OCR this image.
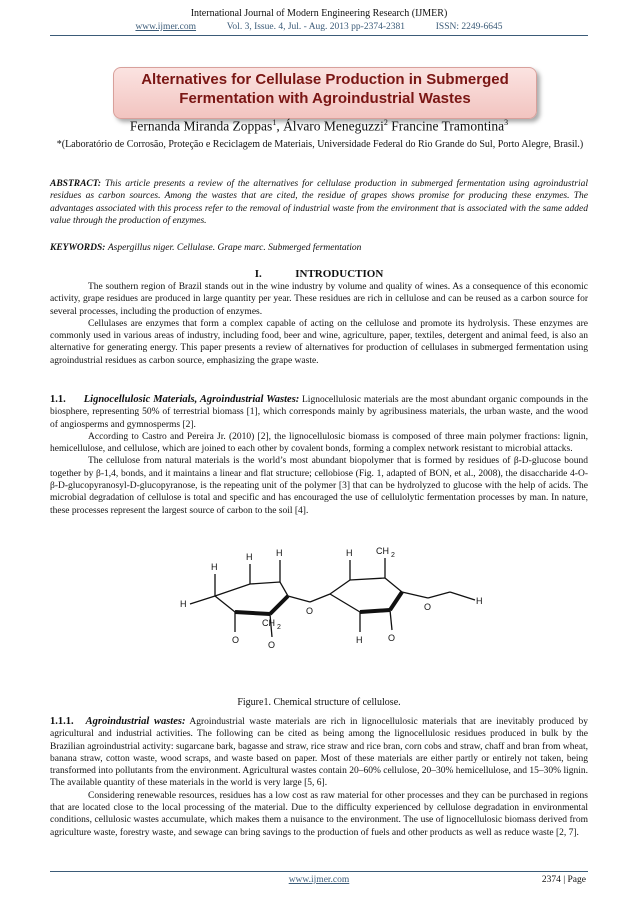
International Journal of Modern Engineering Research (IJMER)
www.ijmer.com	Vol. 3, Issue. 4, Jul. - Aug. 2013 pp-2374-2381	ISSN: 2249-6645
Alternatives for Cellulase Production in Submerged
Fermentation with Agroindustrial Wastes
Fernanda Miranda Zoppas$^1$, Álvaro Meneguzzi$^2$ Francine Tramontina$^3$
*(Laboratório de Corrosão, Proteção e Reciclagem de Materiais, Universidade Federal do Rio Grande do Sul, Porto Alegre, Brasil.)
ABSTRACT: This article presents a review of the alternatives for cellulase production in submerged fermentation using agroindustrial residues as carbon sources. Among the wastes that are cited, the residue of grapes shows promise for producing these enzymes. The advantages associated with this process refer to the removal of industrial waste from the environment that is associated with the same added value through the production of enzymes.
KEYWORDS: Aspergillus niger. Cellulase. Grape marc. Submerged fermentation
I.	INTRODUCTION

The southern region of Brazil stands out in the wine industry by volume and quality of wines. As a consequence of this economic activity, grape residues are produced in large quantity per year. These residues are rich in cellulose and can be reused as a carbon source for several processes, including the production of enzymes.

Cellulases are enzymes that form a complex capable of acting on the cellulose and promote its hydrolysis. These enzymes are commonly used in various areas of industry, including food, beer and wine, agriculture, paper, textiles, detergent and animal feed, is also an alternative for generating energy. This paper presents a review of alternatives for production of cellulases in submerged fermentation using agroindustrial residues as carbon source, emphasizing the grape waste.

1.1. Lignocellulosic Materials, Agroindustrial Wastes: Lignocellulosic materials are the most abundant organic compounds in the biosphere, representing 50% of terrestrial biomass [1], which corresponds mainly by agribusiness materials, the urban waste, and the wood of angiosperms and gymnosperms [2].

According to Castro and Pereira Jr. (2010) [2], the lignocellulosic biomass is composed of three main polymer fractions: lignin, hemicellulose, and cellulose, which are joined to each other by covalent bonds, forming a complex network resistant to microbial attacks.

The cellulose from natural materials is the world’s most abundant biopolymer that is formed by residues of β-D-glucose bound together by β-1,4, bonds, and it maintains a linear and flat structure; cellobiose (Fig. 1, adapted of BON, et al., 2008), the disaccharide 4-O-β-D-glucopyranosyl-D-glucopyranose, is the repeating unit of the polymer [3] that can be hydrolyzed to glucose with the help of acids. The microbial degradation of cellulose is total and specific and has encouraged the use of cellulolytic fermentation processes by man. In nature, these processes represent the largest source of carbon to the soil [4].

H
H
O
H	H
CH 2
O
O
H	CH 2
H	O
O
H
Figure1. Chemical structure of cellulose.

1.1.1. Agroindustrial wastes: Agroindustrial waste materials are rich in lignocellulosic materials that are inevitably produced by agricultural and industrial activities. The following can be cited as being among the lignocellulosic residues produced in bulk by the Brazilian agroindustrial activity: sugarcane bark, bagasse and straw, rice straw and rice bran, corn cobs and straw, chaff and bran from wheat, banana straw, cotton waste, wood scraps, and waste based on paper. Most of these materials are either partly or entirely not taken, being transformed into pollutants from the environment. Agricultural wastes contain 20–60% cellulose, 20–30% hemicellulose, and 15–30% lignin. The available quantity of these materials in the world is very large [5, 6].

Considering renewable resources, residues has a low cost as raw material for other processes and they can be purchased in regions that are located close to the local processing of the material. Due to the difficulty experienced by cellulose degradation in environmental conditions, cellulosic wastes accumulate, which makes them a nuisance to the environment. The use of lignocellulosic biomass derived from agriculture waste, forestry waste, and sewage can bring savings to the production of fuels and other products as well as reduce waste [2, 7].

www.ijmer.com	2374 | Page
